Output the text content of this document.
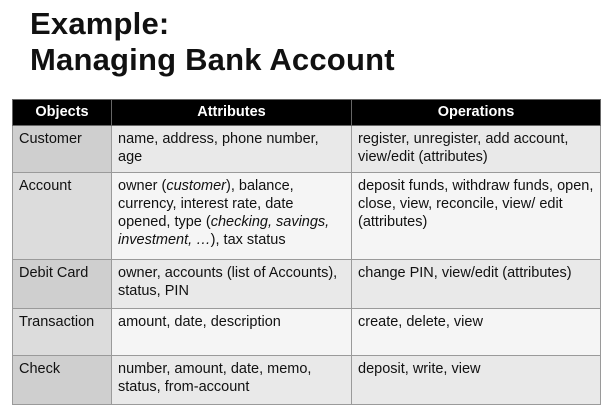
Example:
Managing Bank Account
Objects	Attributes	Operations
Customer	name, address, phone number, age	register, unregister, add account, view/edit (attributes)
Account	owner (customer), balance, currency, interest rate, date opened, type (checking, savings, investment, …), tax status	deposit funds, withdraw funds, open, close, view, reconcile, view/ edit (attributes)
Debit Card	owner, accounts (list of Accounts), status, PIN	change PIN, view/edit (attributes)
Transaction	amount, date, description	create, delete, view
Check	number, amount, date, memo, status, from-account	deposit, write, view
